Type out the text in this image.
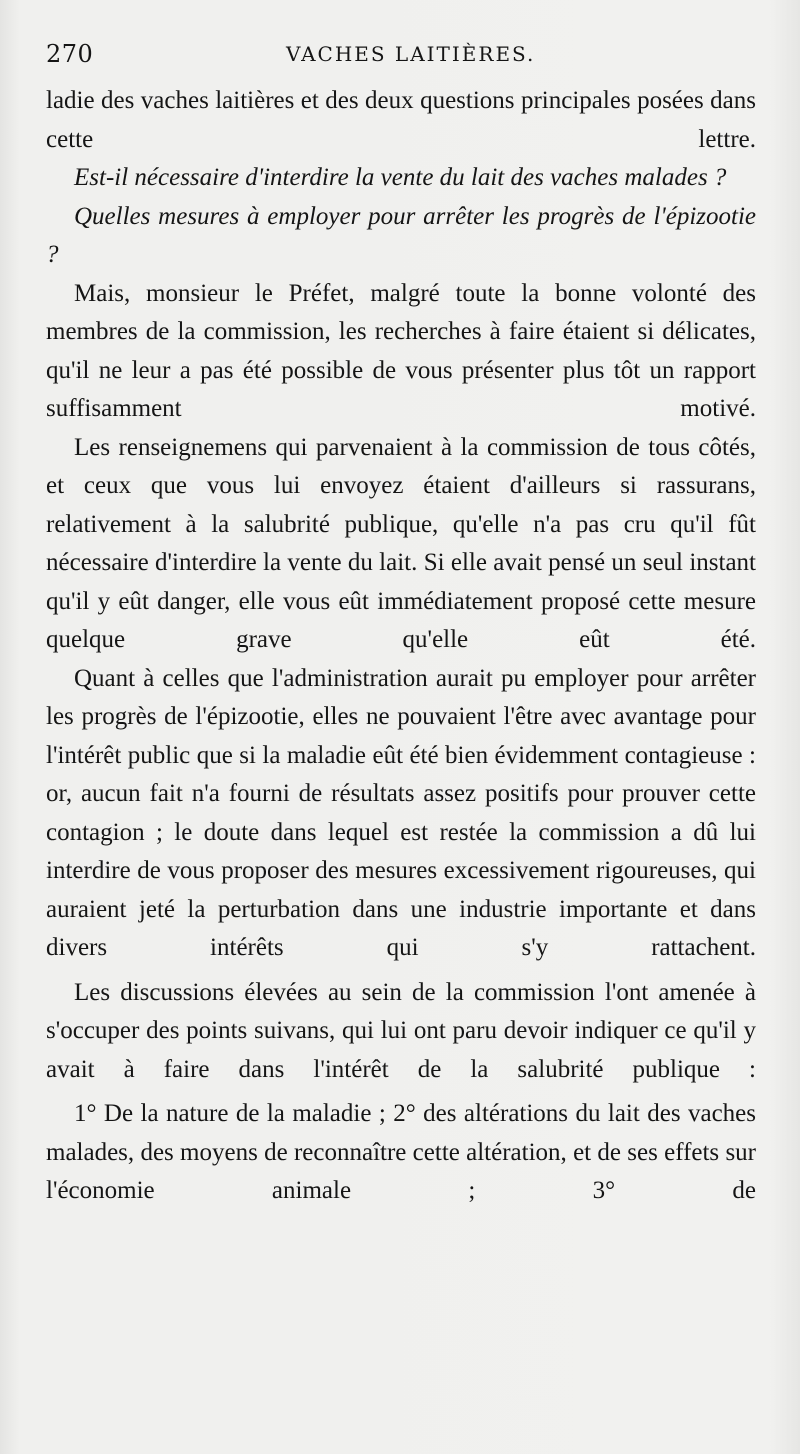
270	VACHES LAITIÈRES.

ladie des vaches laitières et des deux questions principales posées dans cette lettre.

Est-il nécessaire d'interdire la vente du lait des vaches malades ?

Quelles mesures à employer pour arrêter les progrès de l'épizootie ?

Mais, monsieur le Préfet, malgré toute la bonne volonté des membres de la commission, les recherches à faire étaient si délicates, qu'il ne leur a pas été possible de vous présenter plus tôt un rapport suffisamment motivé.

Les renseignemens qui parvenaient à la commission de tous côtés, et ceux que vous lui envoyez étaient d'ailleurs si rassurans, relativement à la salubrité publique, qu'elle n'a pas cru qu'il fût nécessaire d'interdire la vente du lait. Si elle avait pensé un seul instant qu'il y eût danger, elle vous eût immédiatement proposé cette mesure quelque grave qu'elle eût été.

Quant à celles que l'administration aurait pu employer pour arrêter les progrès de l'épizootie, elles ne pouvaient l'être avec avantage pour l'intérêt public que si la maladie eût été bien évidemment contagieuse : or, aucun fait n'a fourni de résultats assez positifs pour prouver cette contagion ; le doute dans lequel est restée la commission a dû lui interdire de vous proposer des mesures excessivement rigoureuses, qui auraient jeté la perturbation dans une industrie importante et dans divers intérêts qui s'y rattachent.

Les discussions élevées au sein de la commission l'ont amenée à s'occuper des points suivans, qui lui ont paru devoir indiquer ce qu'il y avait à faire dans l'intérêt de la salubrité publique :

1° De la nature de la maladie ; 2° des altérations du lait des vaches malades, des moyens de reconnaître cette altération, et de ses effets sur l'économie animale ; 3° de
